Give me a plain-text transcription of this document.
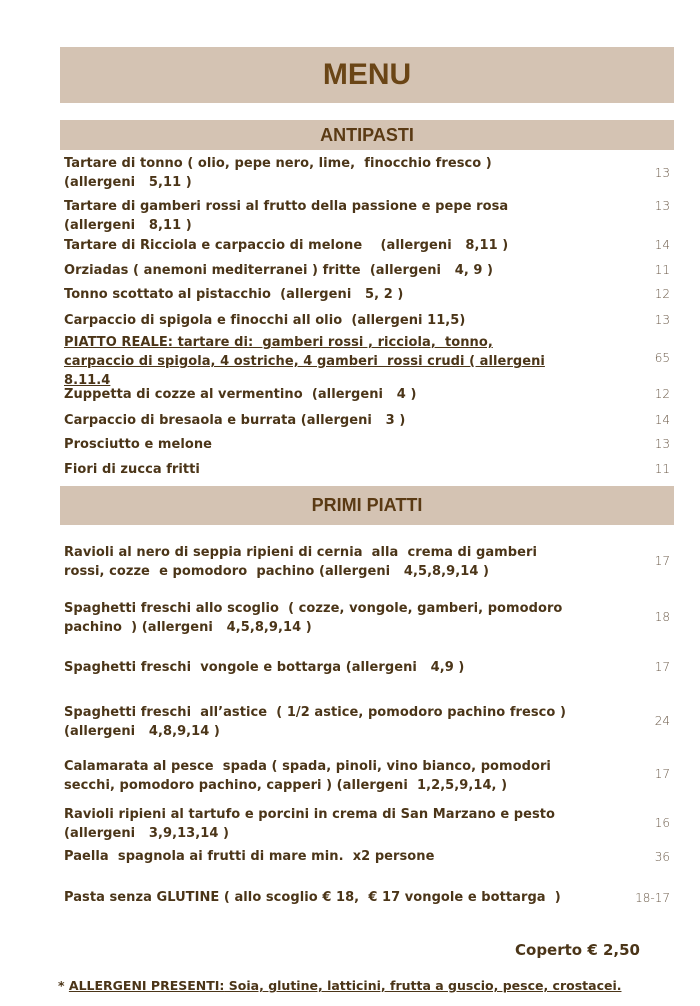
MENU
ANTIPASTI
PRIMI PIATTI
Tartare di tonno ( olio, pepe nero, lime,  finocchio fresco )
(allergeni   5,11 )
13
Tartare di gamberi rossi al frutto della passione e pepe rosa
(allergeni   8,11 )
13
Tartare di Ricciola e carpaccio di melone    (allergeni   8,11 )	14
Orziadas ( anemoni mediterranei ) fritte  (allergeni   4, 9 )	11
Tonno scottato al pistacchio  (allergeni   5, 2 )	12
Carpaccio di spigola e finocchi all olio  (allergeni 11,5)	13
PIATTO REALE: tartare di:  gamberi rossi , ricciola,  tonno,
carpaccio di spigola, 4 ostriche, 4 gamberi  rossi crudi ( allergeni
8.11.4
65
Zuppetta di cozze al vermentino  (allergeni   4 )	12
Carpaccio di bresaola e burrata (allergeni   3 )	14
Prosciutto e melone	13
Fiori di zucca fritti	11
Ravioli al nero di seppia ripieni di cernia  alla  crema di gamberi
rossi, cozze  e pomodoro  pachino (allergeni   4,5,8,9,14 )
17
Spaghetti freschi allo scoglio  ( cozze, vongole, gamberi, pomodoro
pachino  ) (allergeni   4,5,8,9,14 )
18
Spaghetti freschi  vongole e bottarga (allergeni   4,9 )	17
Spaghetti freschi  all’astice  ( 1/2 astice, pomodoro pachino fresco )
(allergeni   4,8,9,14 )
24
Calamarata al pesce  spada ( spada, pinoli, vino bianco, pomodori
secchi, pomodoro pachino, capperi ) (allergeni  1,2,5,9,14, )
17
Ravioli ripieni al tartufo e porcini in crema di San Marzano e pesto
(allergeni   3,9,13,14 )
16
Paella  spagnola ai frutti di mare min.  x2 persone	36
Pasta senza GLUTINE ( allo scoglio € 18,  € 17 vongole e bottarga  )	18-17
Coperto € 2,50
* ALLERGENI PRESENTI: Soia, glutine, latticini, frutta a guscio, pesce, crostacei.
